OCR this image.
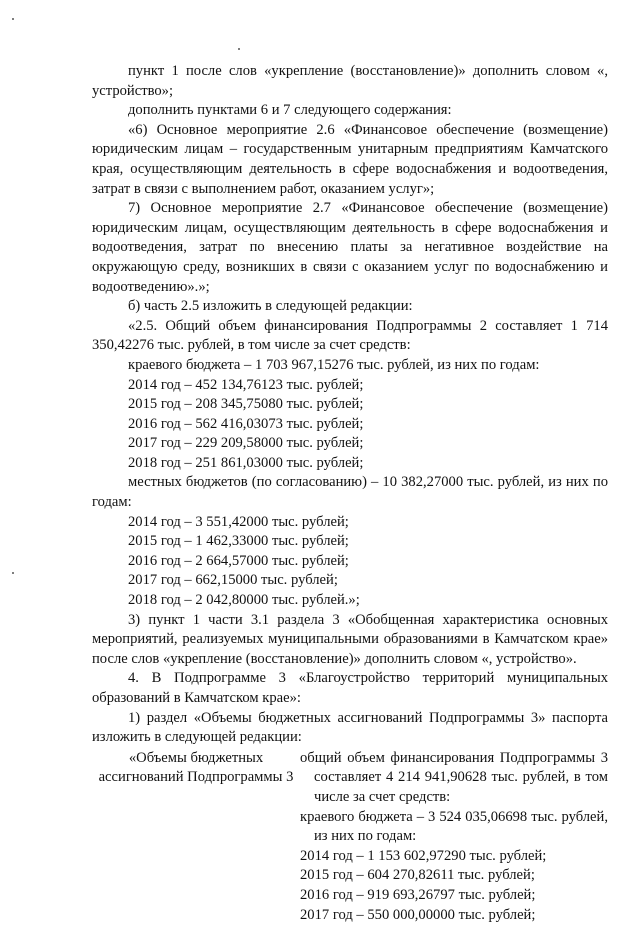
пункт 1 после слов «укрепление (восстановление)» дополнить словом «, устройство»;

дополнить пунктами 6 и 7 следующего содержания:

«6) Основное мероприятие 2.6 «Финансовое обеспечение (возмещение) юридическим лицам – государственным унитарным предприятиям Камчатского края, осуществляющим деятельность в сфере водоснабжения и водоотведения, затрат в связи с выполнением работ, оказанием услуг»;

7) Основное мероприятие 2.7 «Финансовое обеспечение (возмещение) юридическим лицам, осуществляющим деятельность в сфере водоснабжения и водоотведения, затрат по внесению платы за негативное воздействие на окружающую среду, возникших в связи с оказанием услуг по водоснабжению и водоотведению».»;

б) часть 2.5 изложить в следующей редакции:

«2.5. Общий объем финансирования Подпрограммы 2 составляет 1 714 350,42276 тыс. рублей, в том числе за счет средств:

краевого бюджета – 1 703 967,15276 тыс. рублей, из них по годам:

2014 год – 452 134,76123 тыс. рублей;

2015 год – 208 345,75080 тыс. рублей;

2016 год – 562 416,03073 тыс. рублей;

2017 год – 229 209,58000 тыс. рублей;

2018 год – 251 861,03000 тыс. рублей;

местных бюджетов (по согласованию) – 10 382,27000 тыс. рублей, из них по годам:

2014 год – 3 551,42000 тыс. рублей;

2015 год – 1 462,33000 тыс. рублей;

2016 год – 2 664,57000 тыс. рублей;

2017 год – 662,15000 тыс. рублей;

2018 год – 2 042,80000 тыс. рублей.»;

3) пункт 1 части 3.1 раздела 3 «Обобщенная характеристика основных мероприятий, реализуемых муниципальными образованиями в Камчатском крае» после слов «укрепление (восстановление)» дополнить словом «, устройство».

4. В Подпрограмме 3 «Благоустройство территорий муниципальных образований в Камчатском крае»:

1) раздел «Объемы бюджетных ассигнований Подпрограммы 3» паспорта изложить в следующей редакции:

«Объемы бюджетных ассигнований Подпрограммы 3

общий объем финансирования Подпрограммы 3 составляет 4 214 941,90628 тыс. рублей, в том числе за счет средств:

краевого бюджета – 3 524 035,06698 тыс. рублей, из них по годам:

2014 год – 1 153 602,97290 тыс. рублей;

2015 год – 604 270,82611 тыс. рублей;

2016 год – 919 693,26797 тыс. рублей;

2017 год – 550 000,00000 тыс. рублей;
